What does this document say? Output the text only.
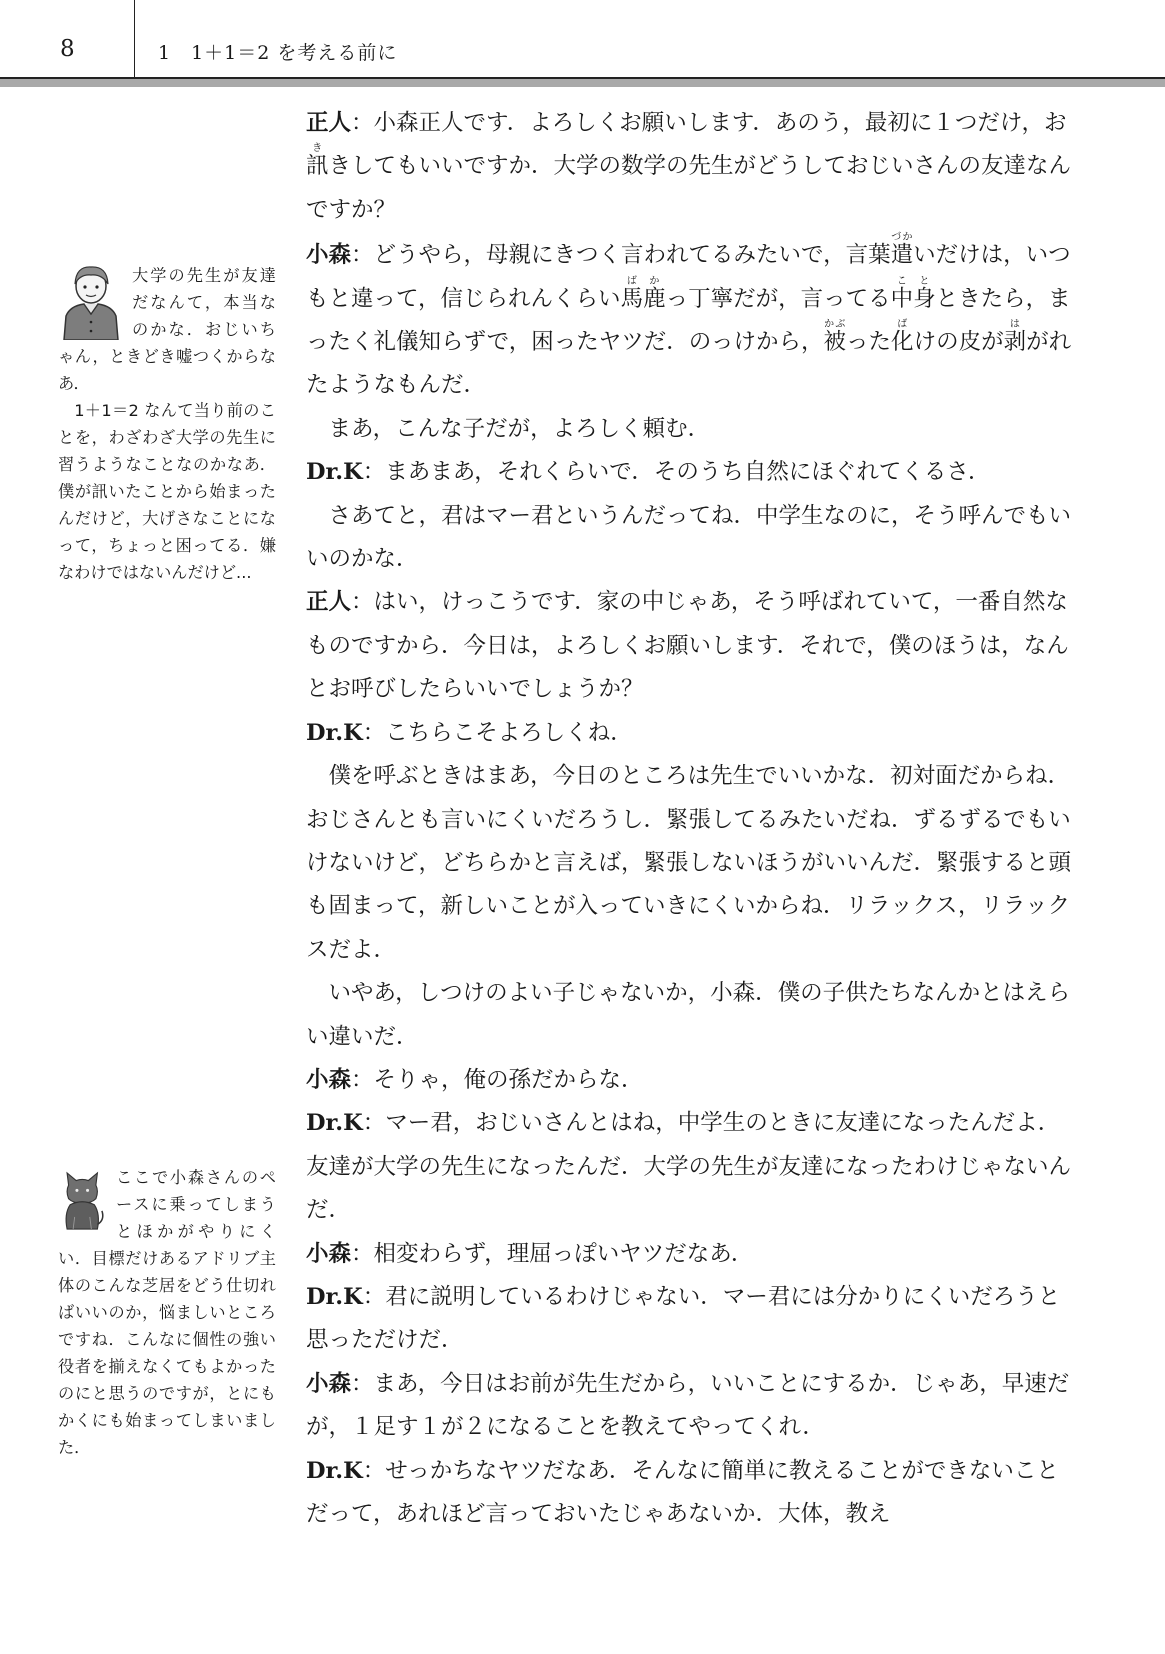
8	1　1＋1＝2 を考える前に

大学の先生が友達だなんて，本当なのかな．おじいちゃん，ときどき嘘つくからなあ．

1＋1＝2 なんて当り前のことを，わざわざ大学の先生に習うようなことなのかなあ．僕が訊いたことから始まったんだけど，大げさなことになって，ちょっと困ってる．嫌なわけではないんだけど...

ここで小森さんのペースに乗ってしまうとほかがやりにくい．目標だけあるアドリブ主体のこんな芝居をどう仕切ればいいのか，悩ましいところですね．こんなに個性の強い役者を揃えなくてもよかったのにと思うのですが，とにもかくにも始まってしまいました．

正人：小森正人です．よろしくお願いします．あのう，最初に１つだけ，お訊ききしてもいいですか．大学の数学の先生がどうしておじいさんの友達なんですか？

小森：どうやら，母親にきつく言われてるみたいで，言葉遣づかいだけは，いつもと違って，信じられんくらい馬鹿ばかっ丁寧だが，言ってる中身ことときたら，まったく礼儀知らずで，困ったヤツだ．のっけから，被かぶった化ばけの皮が剥はがれたようなもんだ．

まあ，こんな子だが，よろしく頼む．

Dr.K：まあまあ，それくらいで．そのうち自然にほぐれてくるさ．

さあてと，君はマー君というんだってね．中学生なのに，そう呼んでもいいのかな．

正人：はい，けっこうです．家の中じゃあ，そう呼ばれていて，一番自然なものですから．今日は，よろしくお願いします．それで，僕のほうは，なんとお呼びしたらいいでしょうか？

Dr.K：こちらこそよろしくね．

僕を呼ぶときはまあ，今日のところは先生でいいかな．初対面だからね．おじさんとも言いにくいだろうし．緊張してるみたいだね．ずるずるでもいけないけど，どちらかと言えば，緊張しないほうがいいんだ．緊張すると頭も固まって，新しいことが入っていきにくいからね．リラックス，リラックスだよ．

いやあ，しつけのよい子じゃないか，小森．僕の子供たちなんかとはえらい違いだ．

小森：そりゃ，俺の孫だからな．

Dr.K：マー君，おじいさんとはね，中学生のときに友達になったんだよ．友達が大学の先生になったんだ．大学の先生が友達になったわけじゃないんだ．

小森：相変わらず，理屈っぽいヤツだなあ．

Dr.K：君に説明しているわけじゃない．マー君には分かりにくいだろうと思っただけだ．

小森：まあ，今日はお前が先生だから，いいことにするか．じゃあ，早速だが，１足す１が２になることを教えてやってくれ．

Dr.K：せっかちなヤツだなあ．そんなに簡単に教えることができないことだって，あれほど言っておいたじゃあないか．大体，教え
